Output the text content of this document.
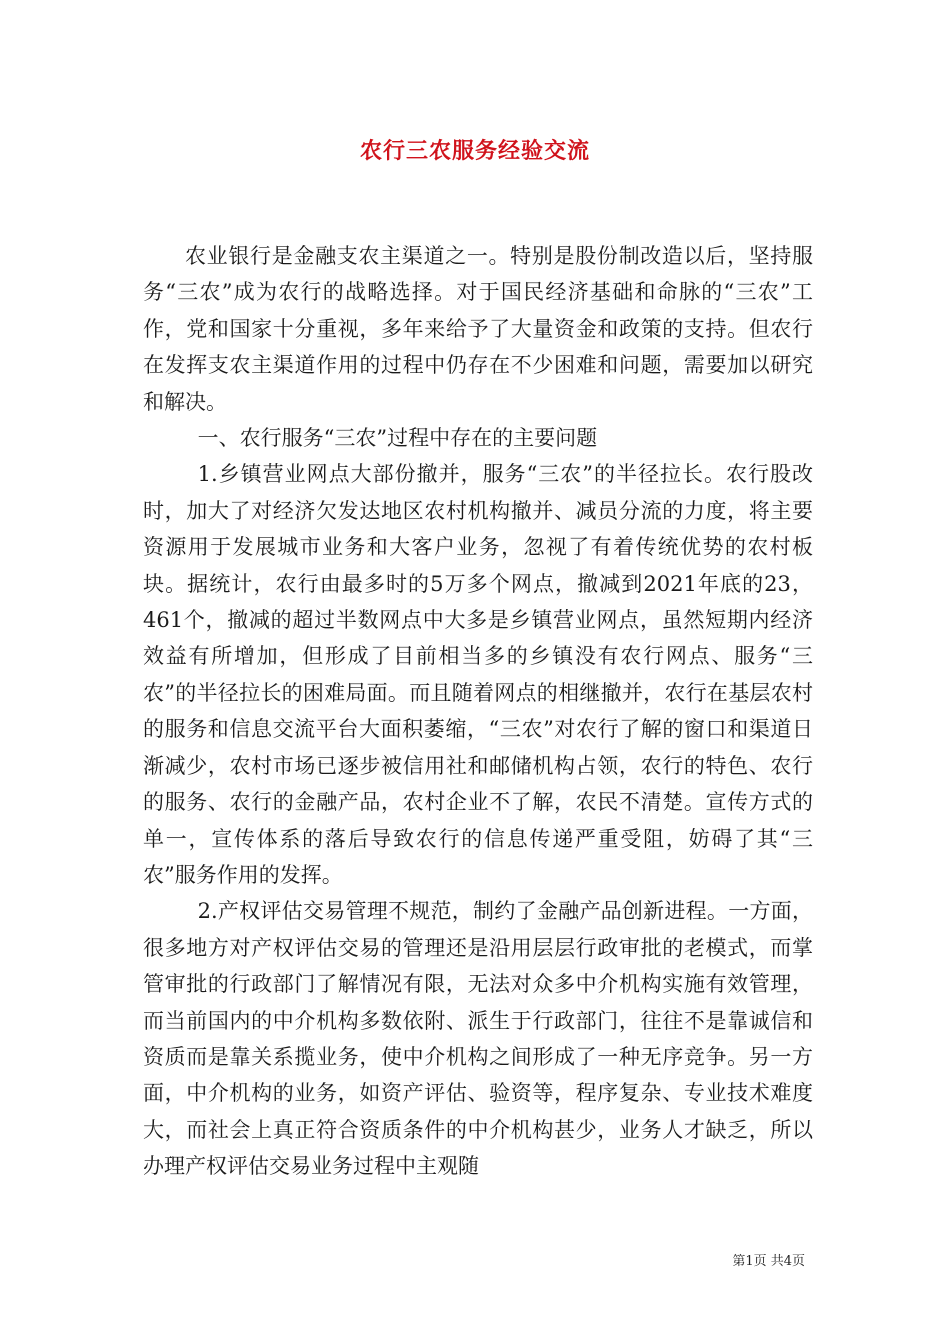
农行三农服务经验交流

农业银行是金融支农主渠道之一。特别是股份制改造以后，坚持服务“三农”成为农行的战略选择。对于国民经济基础和命脉的“三农”工作，党和国家十分重视，多年来给予了大量资金和政策的支持。但农行在发挥支农主渠道作用的过程中仍存在不少困难和问题，需要加以研究和解决。

一、农行服务“三农”过程中存在的主要问题

1.乡镇营业网点大部份撤并，服务“三农”的半径拉长。农行股改时，加大了对经济欠发达地区农村机构撤并、减员分流的力度，将主要资源用于发展城市业务和大客户业务，忽视了有着传统优势的农村板块。据统计，农行由最多时的5万多个网点，撤减到2021年底的23，461个，撤减的超过半数网点中大多是乡镇营业网点，虽然短期内经济效益有所增加，但形成了目前相当多的乡镇没有农行网点、服务“三农”的半径拉长的困难局面。而且随着网点的相继撤并，农行在基层农村的服务和信息交流平台大面积萎缩，“三农”对农行了解的窗口和渠道日渐减少，农村市场已逐步被信用社和邮储机构占领，农行的特色、农行的服务、农行的金融产品，农村企业不了解，农民不清楚。宣传方式的单一，宣传体系的落后导致农行的信息传递严重受阻，妨碍了其“三农”服务作用的发挥。

2.产权评估交易管理不规范，制约了金融产品创新进程。一方面，很多地方对产权评估交易的管理还是沿用层层行政审批的老模式，而掌管审批的行政部门了解情况有限，无法对众多中介机构实施有效管理，而当前国内的中介机构多数依附、派生于行政部门，往往不是靠诚信和资质而是靠关系揽业务，使中介机构之间形成了一种无序竞争。另一方面，中介机构的业务，如资产评估、验资等，程序复杂、专业技术难度大，而社会上真正符合资质条件的中介机构甚少，业务人才缺乏，所以办理产权评估交易业务过程中主观随

第1页 共4页
